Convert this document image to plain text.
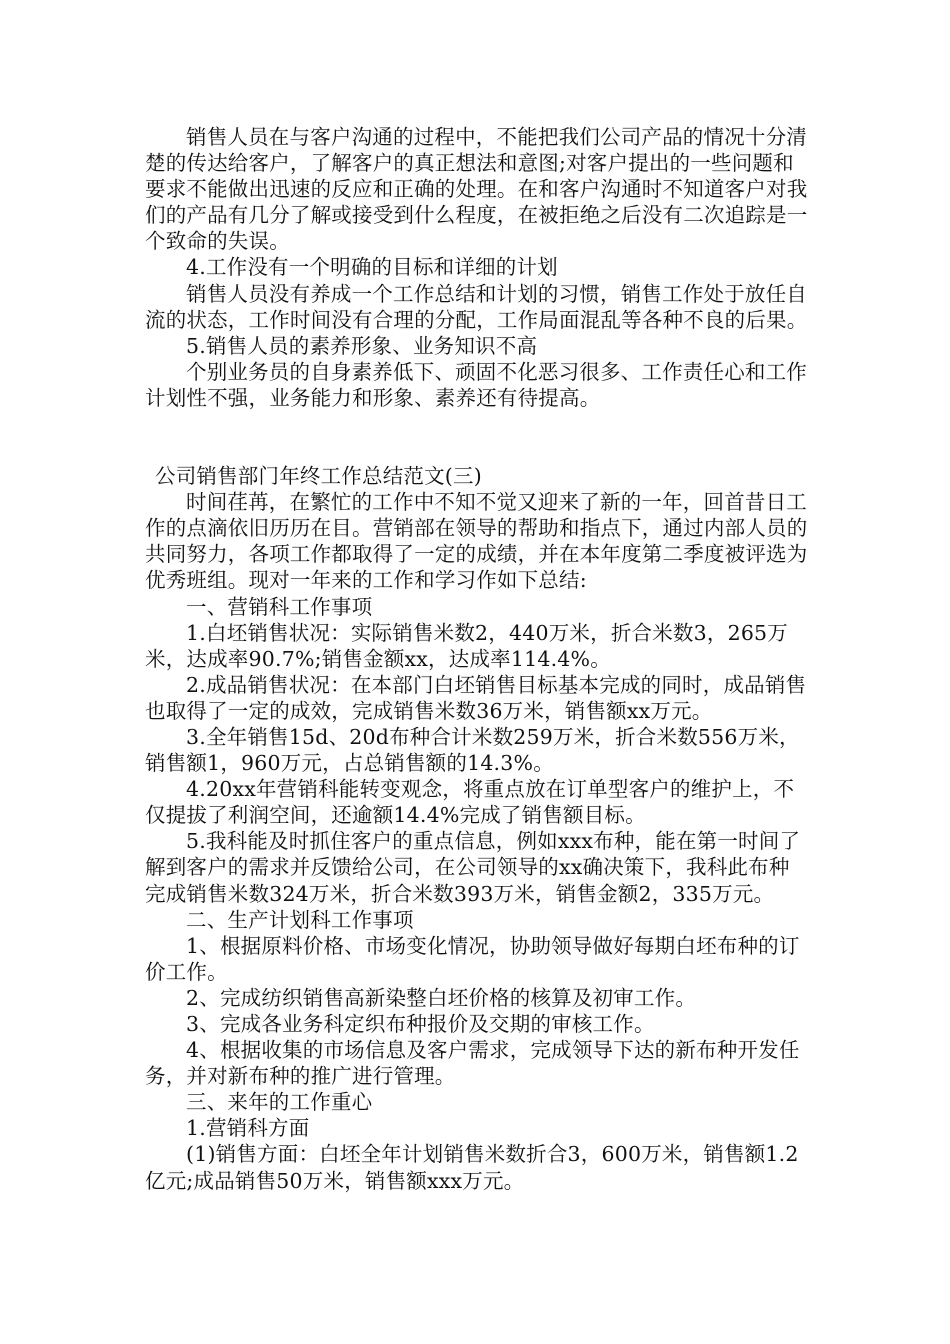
销售人员在与客户沟通的过程中，不能把我们公司产品的情况十分清楚的传达给客户，了解客户的真正想法和意图;对客户提出的一些问题和要求不能做出迅速的反应和正确的处理。在和客户沟通时不知道客户对我们的产品有几分了解或接受到什么程度，在被拒绝之后没有二次追踪是一个致命的失误。

4.工作没有一个明确的目标和详细的计划

销售人员没有养成一个工作总结和计划的习惯，销售工作处于放任自流的状态，工作时间没有合理的分配，工作局面混乱等各种不良的后果。

5.销售人员的素养形象、业务知识不高

个别业务员的自身素养低下、顽固不化恶习很多、工作责任心和工作计划性不强，业务能力和形象、素养还有待提高。

公司销售部门年终工作总结范文(三)

时间荏苒，在繁忙的工作中不知不觉又迎来了新的一年，回首昔日工作的点滴依旧历历在目。营销部在领导的帮助和指点下，通过内部人员的共同努力，各项工作都取得了一定的成绩，并在本年度第二季度被评选为优秀班组。现对一年来的工作和学习作如下总结:

一、营销科工作事项

1.白坯销售状况：实际销售米数2，440万米，折合米数3，265万米，达成率90.7%;销售金额xx，达成率114.4%。

2.成品销售状况：在本部门白坯销售目标基本完成的同时，成品销售也取得了一定的成效，完成销售米数36万米，销售额xx万元。

3.全年销售15d、20d布种合计米数259万米，折合米数556万米，销售额1，960万元，占总销售额的14.3%。

4.20xx年营销科能转变观念，将重点放在订单型客户的维护上，不仅提拔了利润空间，还逾额14.4%完成了销售额目标。

5.我科能及时抓住客户的重点信息，例如xxx布种，能在第一时间了解到客户的需求并反馈给公司，在公司领导的xx确决策下，我科此布种完成销售米数324万米，折合米数393万米，销售金额2，335万元。

二、生产计划科工作事项

1、根据原料价格、市场变化情况，协助领导做好每期白坯布种的订价工作。

2、完成纺织销售高新染整白坯价格的核算及初审工作。

3、完成各业务科定织布种报价及交期的审核工作。

4、根据收集的市场信息及客户需求，完成领导下达的新布种开发任务，并对新布种的推广进行管理。

三、来年的工作重心

1.营销科方面

(1)销售方面：白坯全年计划销售米数折合3，600万米，销售额1.2亿元;成品销售50万米，销售额xxx万元。
